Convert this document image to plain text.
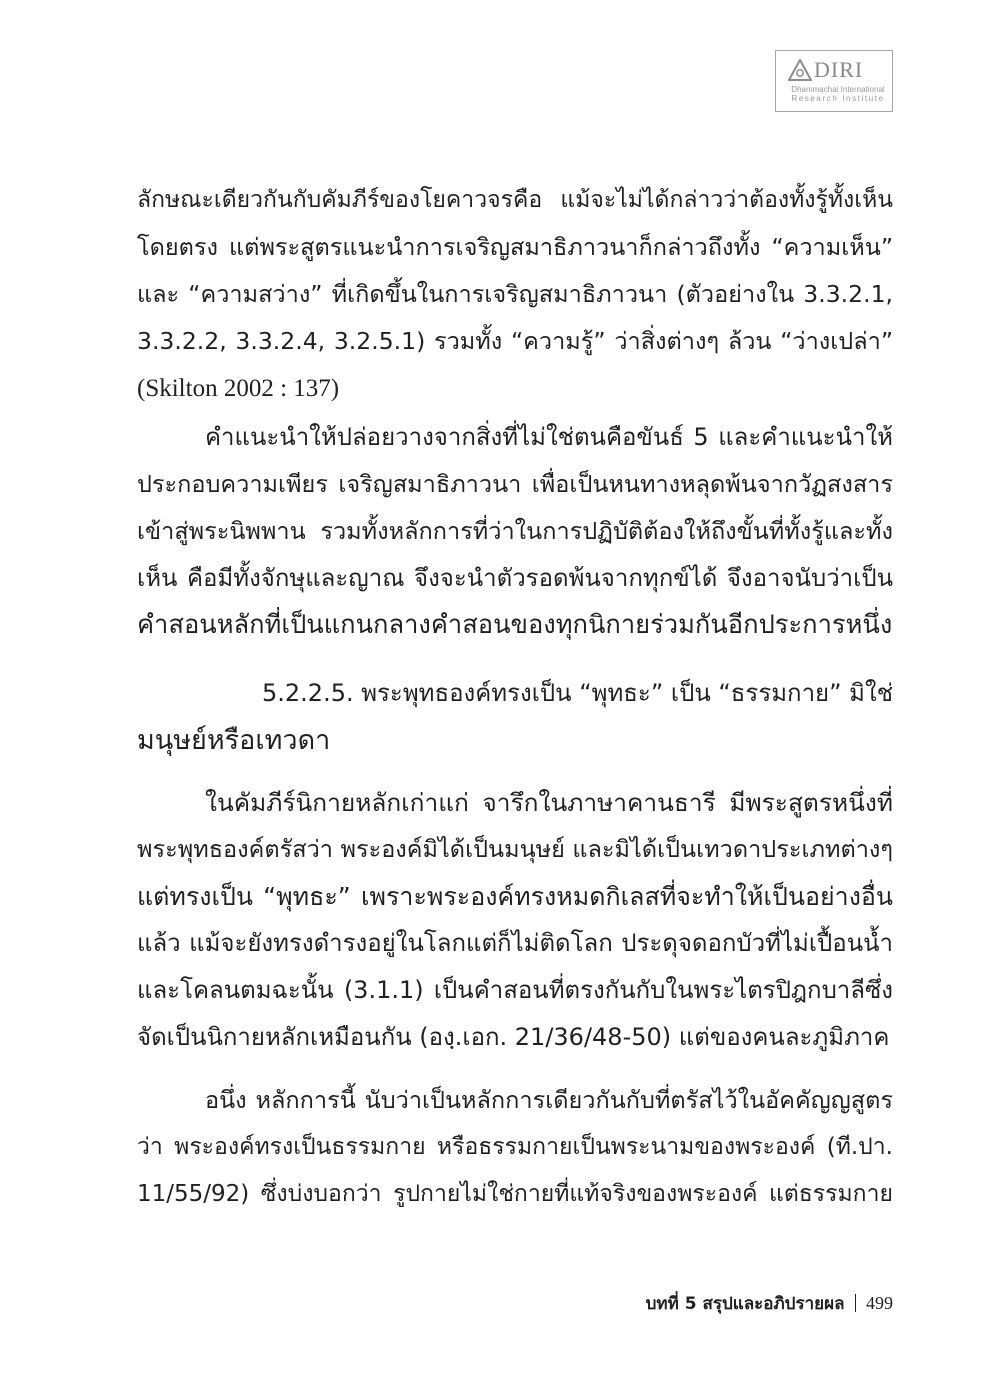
DIRI
Dhammachai International
Research Institute
ลักษณะเดียวกันกับคัมภีร์ของโยคาวจรคือ แม้จะไม่ได้กล่าวว่าต้องทั้งรู้ทั้งเห็น
โดยตรง แต่พระสูตรแนะนำการเจริญสมาธิภาวนาก็กล่าวถึงทั้ง “ความเห็น”
และ “ความสว่าง” ที่เกิดขึ้นในการเจริญสมาธิภาวนา (ตัวอย่างใน 3.3.2.1,
3.3.2.2, 3.3.2.4, 3.2.5.1) รวมทั้ง “ความรู้” ว่าสิ่งต่างๆ ล้วน “ว่างเปล่า”
(Skilton 2002 : 137)
คำแนะนำให้ปล่อยวางจากสิ่งที่ไม่ใช่ตนคือขันธ์ 5 และคำแนะนำให้
ประกอบความเพียร เจริญสมาธิภาวนา เพื่อเป็นหนทางหลุดพ้นจากวัฏสงสาร
เข้าสู่พระนิพพาน รวมทั้งหลักการที่ว่าในการปฏิบัติต้องให้ถึงขั้นที่ทั้งรู้และทั้ง
เห็น คือมีทั้งจักษุและญาณ จึงจะนำตัวรอดพ้นจากทุกข์ได้ จึงอาจนับว่าเป็น
คำสอนหลักที่เป็นแกนกลางคำสอนของทุกนิกายร่วมกันอีกประการหนึ่ง
5.2.2.5. พระพุทธองค์ทรงเป็น “พุทธะ” เป็น “ธรรมกาย” มิใช่
มนุษย์หรือเทวดา
ในคัมภีร์นิกายหลักเก่าแก่ จารึกในภาษาคานธารี มีพระสูตรหนึ่งที่
พระพุทธองค์ตรัสว่า พระองค์มิได้เป็นมนุษย์ และมิได้เป็นเทวดาประเภทต่างๆ
แต่ทรงเป็น “พุทธะ” เพราะพระองค์ทรงหมดกิเลสที่จะทำให้เป็นอย่างอื่น
แล้ว แม้จะยังทรงดำรงอยู่ในโลกแต่ก็ไม่ติดโลก ประดุจดอกบัวที่ไม่เปื้อนน้ำ
และโคลนตมฉะนั้น (3.1.1) เป็นคำสอนที่ตรงกันกับในพระไตรปิฎกบาลีซึ่ง
จัดเป็นนิกายหลักเหมือนกัน (องฺ.เอก. 21/36/48-50) แต่ของคนละภูมิภาค
อนึ่ง หลักการนี้ นับว่าเป็นหลักการเดียวกันกับที่ตรัสไว้ในอัคคัญญสูตร
ว่า พระองค์ทรงเป็นธรรมกาย หรือธรรมกายเป็นพระนามของพระองค์ (ที.ปา.
11/55/92) ซึ่งบ่งบอกว่า รูปกายไม่ใช่กายที่แท้จริงของพระองค์ แต่ธรรมกาย
บทที่ 5 สรุปและอภิปรายผล 499
